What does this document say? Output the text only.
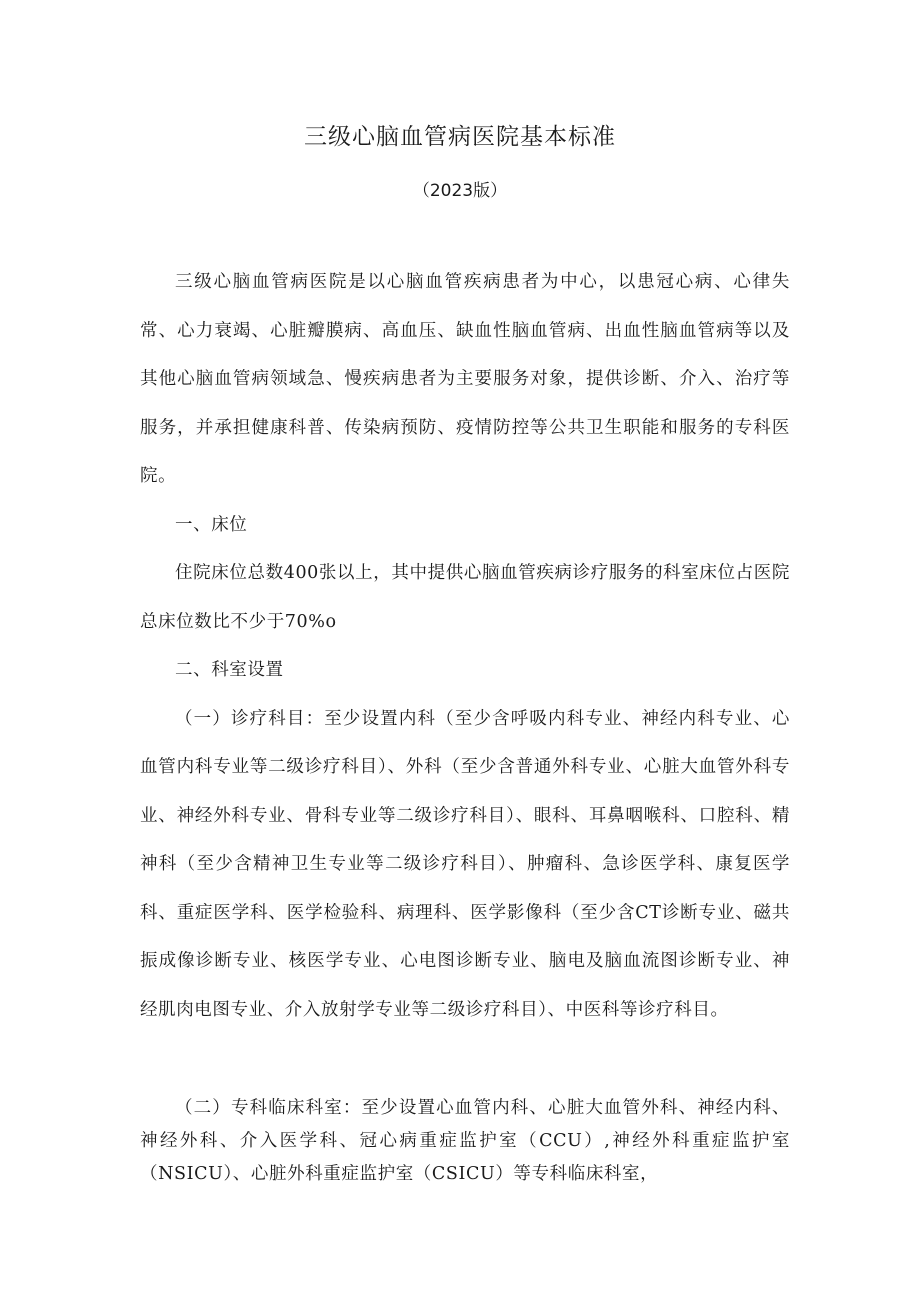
三级心脑血管病医院基本标准
（2023版）

三级心脑血管病医院是以心脑血管疾病患者为中心，以患冠心病、心律失常、心力衰竭、心脏瓣膜病、高血压、缺血性脑血管病、出血性脑血管病等以及其他心脑血管病领域急、慢疾病患者为主要服务对象，提供诊断、介入、治疗等服务，并承担健康科普、传染病预防、疫情防控等公共卫生职能和服务的专科医院。

一、床位

住院床位总数400张以上，其中提供心脑血管疾病诊疗服务的科室床位占医院总床位数比不少于70%o

二、科室设置

（一）诊疗科目：至少设置内科（至少含呼吸内科专业、神经内科专业、心血管内科专业等二级诊疗科目）、外科（至少含普通外科专业、心脏大血管外科专业、神经外科专业、骨科专业等二级诊疗科目）、眼科、耳鼻咽喉科、口腔科、精神科（至少含精神卫生专业等二级诊疗科目）、肿瘤科、急诊医学科、康复医学科、重症医学科、医学检验科、病理科、医学影像科（至少含CT诊断专业、磁共振成像诊断专业、核医学专业、心电图诊断专业、脑电及脑血流图诊断专业、神经肌肉电图专业、介入放射学专业等二级诊疗科目）、中医科等诊疗科目。

（二）专科临床科室：至少设置心血管内科、心脏大血管外科、神经内科、神经外科、介入医学科、冠心病重症监护室（CCU）,神经外科重症监护室（NSICU）、心脏外科重症监护室（CSICU）等专科临床科室，
